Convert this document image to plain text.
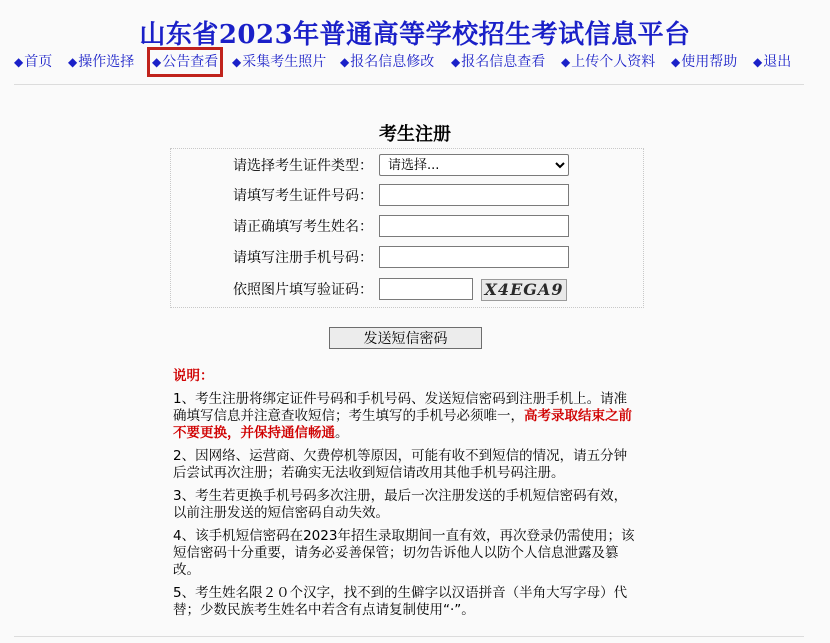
山东省2023年普通高等学校招生考试信息平台
◆首页 ◆操作选择 ◆公告查看 ◆采集考生照片 ◆报名信息修改 ◆报名信息查看 ◆上传个人资料 ◆使用帮助 ◆退出
考生注册
请选择考生证件类型：
请选择...
请填写考生证件号码：
请正确填写考生姓名：
请填写注册手机号码：
依照图片填写验证码：	X4EGA9
发送短信密码
说明：

1、考生注册将绑定证件号码和手机号码、发送短信密码到注册手机上。请准确填写信息并注意查收短信；考生填写的手机号必须唯一，高考录取结束之前不要更换，并保持通信畅通。

2、因网络、运营商、欠费停机等原因，可能有收不到短信的情况，请五分钟后尝试再次注册；若确实无法收到短信请改用其他手机号码注册。

3、考生若更换手机号码多次注册，最后一次注册发送的手机短信密码有效，以前注册发送的短信密码自动失效。

4、该手机短信密码在2023年招生录取期间一直有效，再次登录仍需使用；该短信密码十分重要，请务必妥善保管；切勿告诉他人以防个人信息泄露及篡改。

5、考生姓名限２０个汉字，找不到的生僻字以汉语拼音（半角大写字母）代替；少数民族考生姓名中若含有点请复制使用“·”。
